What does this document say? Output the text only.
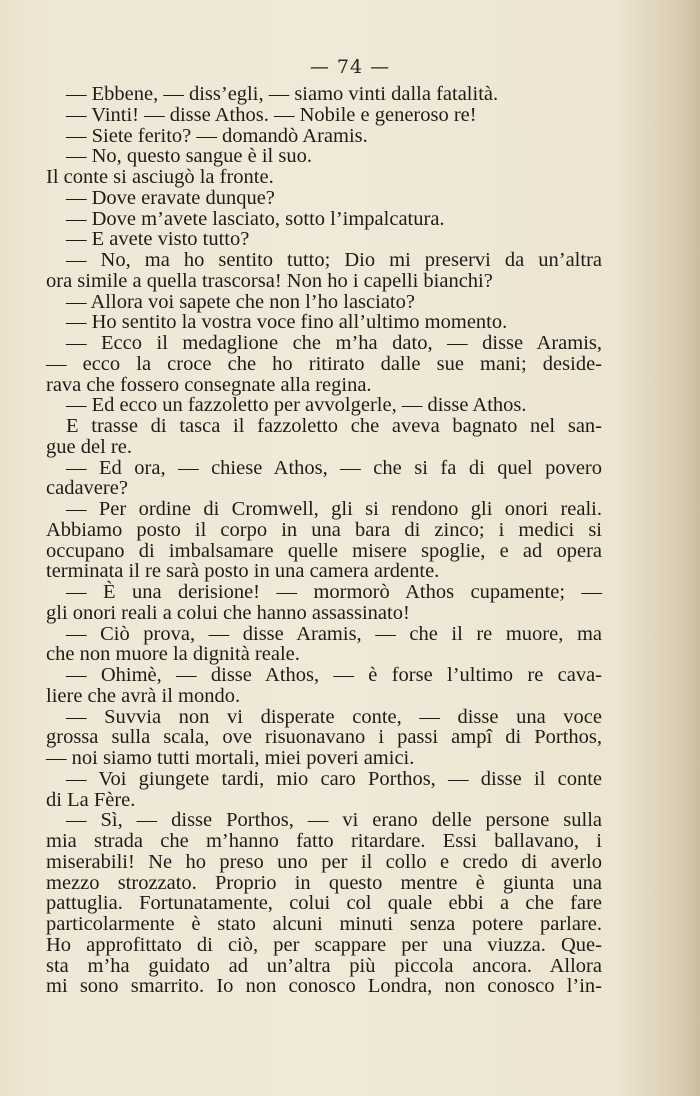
— 74 —
— Ebbene, — diss’egli, — siamo vinti dalla fatalità.
— Vinti! — disse Athos. — Nobile e generoso re!
— Siete ferito? — domandò Aramis.
— No, questo sangue è il suo.
Il conte si asciugò la fronte.
— Dove eravate dunque?
— Dove m’avete lasciato, sotto l’impalcatura.
— E avete visto tutto?
— No, ma ho sentito tutto; Dio mi preservi da un’altra
ora simile a quella trascorsa! Non ho i capelli bianchi?
— Allora voi sapete che non l’ho lasciato?
— Ho sentito la vostra voce fino all’ultimo momento.
— Ecco il medaglione che m’ha dato, — disse Aramis,
— ecco la croce che ho ritirato dalle sue mani; deside-
rava che fossero consegnate alla regina.
— Ed ecco un fazzoletto per avvolgerle, — disse Athos.
E trasse di tasca il fazzoletto che aveva bagnato nel san-
gue del re.
— Ed ora, — chiese Athos, — che si fa di quel povero
cadavere?
— Per ordine di Cromwell, gli si rendono gli onori reali.
Abbiamo posto il corpo in una bara di zinco; i medici si
occupano di imbalsamare quelle misere spoglie, e ad opera
terminata il re sarà posto in una camera ardente.
— È una derisione! — mormorò Athos cupamente; —
gli onori reali a colui che hanno assassinato!
— Ciò prova, — disse Aramis, — che il re muore, ma
che non muore la dignità reale.
— Ohimè, — disse Athos, — è forse l’ultimo re cava-
liere che avrà il mondo.
— Suvvia non vi disperate conte, — disse una voce
grossa sulla scala, ove risuonavano i passi ampî di Porthos,
— noi siamo tutti mortali, miei poveri amici.
— Voi giungete tardi, mio caro Porthos, — disse il conte
di La Fère.
— Sì, — disse Porthos, — vi erano delle persone sulla
mia strada che m’hanno fatto ritardare. Essi ballavano, i
miserabili! Ne ho preso uno per il collo e credo di averlo
mezzo strozzato. Proprio in questo mentre è giunta una
pattuglia. Fortunatamente, colui col quale ebbi a che fare
particolarmente è stato alcuni minuti senza potere parlare.
Ho approfittato di ciò, per scappare per una viuzza. Que-
sta m’ha guidato ad un’altra più piccola ancora. Allora
mi sono smarrito. Io non conosco Londra, non conosco l’in-
